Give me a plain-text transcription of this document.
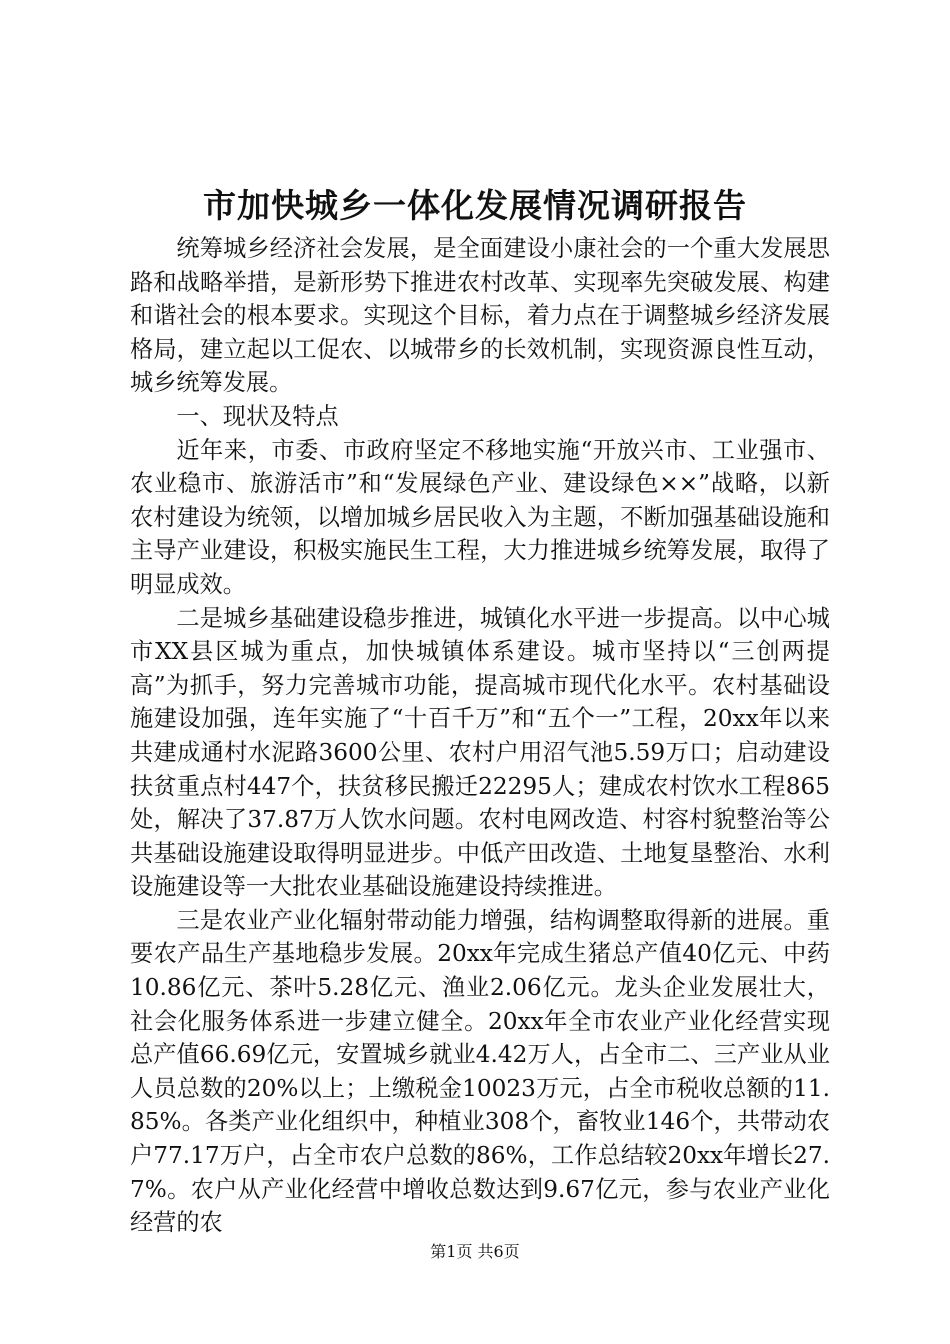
市加快城乡一体化发展情况调研报告

统筹城乡经济社会发展，是全面建设小康社会的一个重大发展思路和战略举措，是新形势下推进农村改革、实现率先突破发展、构建和谐社会的根本要求。实现这个目标，着力点在于调整城乡经济发展格局，建立起以工促农、以城带乡的长效机制，实现资源良性互动，城乡统筹发展。

一、现状及特点

近年来，市委、市政府坚定不移地实施“开放兴市、工业强市、农业稳市、旅游活市”和“发展绿色产业、建设绿色××”战略，以新农村建设为统领，以增加城乡居民收入为主题，不断加强基础设施和主导产业建设，积极实施民生工程，大力推进城乡统筹发展，取得了明显成效。

二是城乡基础建设稳步推进，城镇化水平进一步提高。以中心城市XX县区城为重点，加快城镇体系建设。城市坚持以“三创两提高”为抓手，努力完善城市功能，提高城市现代化水平。农村基础设施建设加强，连年实施了“十百千万”和“五个一”工程，20xx年以来共建成通村水泥路3600公里、农村户用沼气池5.59万口；启动建设扶贫重点村447个，扶贫移民搬迁22295人；建成农村饮水工程865处，解决了37.87万人饮水问题。农村电网改造、村容村貌整治等公共基础设施建设取得明显进步。中低产田改造、土地复垦整治、水利设施建设等一大批农业基础设施建设持续推进。

三是农业产业化辐射带动能力增强，结构调整取得新的进展。重要农产品生产基地稳步发展。20xx年完成生猪总产值40亿元、中药10.86亿元、茶叶5.28亿元、渔业2.06亿元。龙头企业发展壮大，社会化服务体系进一步建立健全。20xx年全市农业产业化经营实现总产值66.69亿元，安置城乡就业4.42万人，占全市二、三产业从业人员总数的20%以上；上缴税金10023万元，占全市税收总额的11.85%。各类产业化组织中，种植业308个，畜牧业146个，共带动农户77.17万户，占全市农户总数的86%，工作总结较20xx年增长27.7%。农户从产业化经营中增收总数达到9.67亿元，参与农业产业化经营的农

第1页 共6页
